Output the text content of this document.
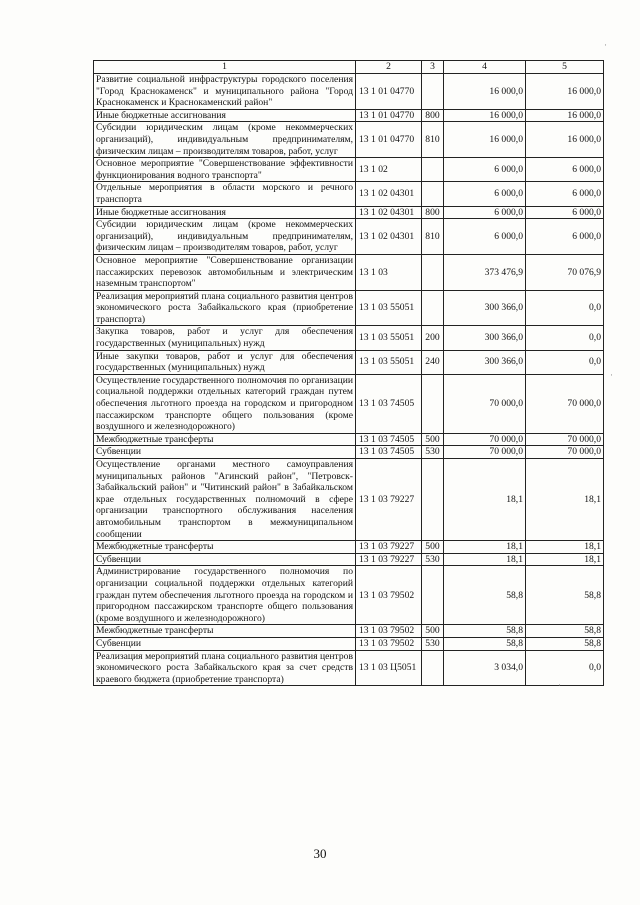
1	2	3	4	5
Развитие социальной инфраструктуры городского поселения "Город Краснокаменск" и муниципального района "Город Краснокаменск и Краснокаменский район"	13 1 01 04770		16 000,0	16 000,0
Иные бюджетные ассигнования	13 1 01 04770	800	16 000,0	16 000,0
Субсидии юридическим лицам (кроме некоммерческих организаций), индивидуальным предпринимателям, физическим лицам – производителям товаров, работ, услуг	13 1 01 04770	810	16 000,0	16 000,0
Основное мероприятие "Совершенствование эффективности функционирования водного транспорта"	13 1 02		6 000,0	6 000,0
Отдельные мероприятия в области морского и речного транспорта	13 1 02 04301		6 000,0	6 000,0
Иные бюджетные ассигнования	13 1 02 04301	800	6 000,0	6 000,0
Субсидии юридическим лицам (кроме некоммерческих организаций), индивидуальным предпринимателям, физическим лицам – производителям товаров, работ, услуг	13 1 02 04301	810	6 000,0	6 000,0
Основное мероприятие "Совершенствование организации пассажирских перевозок автомобильным и электрическим наземным транспортом"	13 1 03		373 476,9	70 076,9
Реализация мероприятий плана социального развития центров экономического роста Забайкальского края (приобретение транспорта)	13 1 03 55051		300 366,0	0,0
Закупка товаров, работ и услуг для обеспечения государственных (муниципальных) нужд	13 1 03 55051	200	300 366,0	0,0
Иные закупки товаров, работ и услуг для обеспечения государственных (муниципальных) нужд	13 1 03 55051	240	300 366,0	0,0
Осуществление государственного полномочия по организации социальной поддержки отдельных категорий граждан путем обеспечения льготного проезда на городском и пригородном пассажирском транспорте общего пользования (кроме воздушного и железнодорожного)	13 1 03 74505		70 000,0	70 000,0
Межбюджетные трансферты	13 1 03 74505	500	70 000,0	70 000,0
Субвенции	13 1 03 74505	530	70 000,0	70 000,0
Осуществление органами местного самоуправления муниципальных районов "Агинский район", "Петровск-Забайкальский район" и "Читинский район" в Забайкальском крае отдельных государственных полномочий в сфере организации транспортного обслуживания населения автомобильным транспортом в межмуниципальном сообщении	13 1 03 79227		18,1	18,1
Межбюджетные трансферты	13 1 03 79227	500	18,1	18,1
Субвенции	13 1 03 79227	530	18,1	18,1
Администрирование государственного полномочия по организации социальной поддержки отдельных категорий граждан путем обеспечения льготного проезда на городском и пригородном пассажирском транспорте общего пользования (кроме воздушного и железнодорожного)	13 1 03 79502		58,8	58,8
Межбюджетные трансферты	13 1 03 79502	500	58,8	58,8
Субвенции	13 1 03 79502	530	58,8	58,8
Реализация мероприятий плана социального развития центров экономического роста Забайкальского края за счет средств краевого бюджета (приобретение транспорта)	13 1 03 Ц5051		3 034,0	0,0
30
·
·
·
